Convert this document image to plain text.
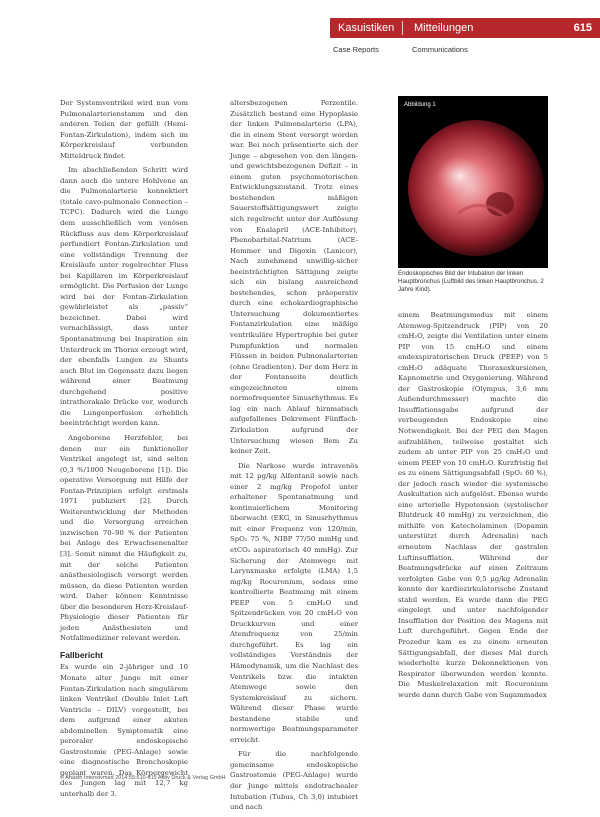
Kasuistiken Mitteilungen	615
Case Reports	Communications

Der Systemventrikel wird nun vom Pulmonalarterienstamm und den anderen Teilen der gefüllt (Hemi-Fontan-Zirkulation), indem sich im Körperkreislauf verbunden Mitteldruck findet.

Im abschließenden Schritt wird dann auch die untere Hohlvene an die Pulmonalarterie konnektiert (totale cavo-pulmonale Connection – TCPC). Dadurch wird die Lunge dem ausschließlich vom venösen Rückfluss aus dem Körperkreislauf perfundiert Fontan-Zirkulation und eine vollständige Trennung der Kreisläufe unter regelrechter Fluss bei Kapillaren im Körperkreislauf ermöglicht. Die Perfusion der Lunge wird bei der Fontan-Zirkulation gewährleistet als „passiv“ bezeichnet. Dabei wird vernachlässigt, dass unter Spontanatmung bei Inspiration ein Unterdruck im Thorax erzeugt wird, der ebenfalls Lungen zu Shunts auch Blut im Gegensatz dazu liegen während einer Beatmung durchgehend positive intrathorakale Drücke vor, wodurch die Lungenperfusion erheblich beeinträchtigt werden kann.

Angeborene Herzfehler, bei denen nur ein funktioneller Ventrikel angelegt ist, sind selten (0,3 %/1000 Neugeborene [1]). Die operative Versorgung mit Hilfe der Fontan-Prinzipien erfolgt erstmals 1971 publiziert [2]. Durch Weiterentwicklung der Methoden und die Versorgung erreichen inzwischen 70–90 % der Patienten bei Anlage des Erwachsenenalter [3]. Somit nimmt die Häufigkeit zu, mit der solche Patienten anästhesiologisch versorgt werden müssen, da diese Patienten werden wird. Daher können Kenntnisse über die besonderen Herz-Kreislauf-Physiologie dieser Patienten für jeden Anästhesisten und Notfallmediziner relevant werden.

Fallbericht

Es wurde ein 2-jähriger und 10 Monate alter Junge mit einer Fontan-Zirkulation nach singulärem linken Ventrikel (Double Inlet Left Ventricle – DILV) vorgestellt, bei dem aufgrund einer akuten abdominellen Symptomatik eine peroraler endoskopische Gastrostomie (PEG-Anlage) sowie eine diagnostische Bronchoskopie geplant waren. Das Körpergewicht des Jungen lag mit 12,7 kg unterhalb der 3.

altersbezogenen Perzentile. Zusätzlich bestand eine Hypoplasie der linken Pulmonalarterie (LPA), die in einem Stent versorgt worden war. Bei noch präsentierte sich der Junge – abgesehen von den längen- und gewichtsbezogenen Defizit – in einem guten psychomotorischen Entwicklungszustand. Trotz eines bestehenden mäßigen Sauerstoffsättigungswert zeigte sich regelrecht unter der Auflösung von Enalapril (ACE-Inhibitor), Phenobarbital-Natrium (ACE-Hemmer und Digoxin (Lanicor), Nach zunehmend unwillig-sicher beeinträchtigten Sättigung zeigte sich ein bislang ausreichend bestehendes, schon präoperativ durch eine echokardiographische Untersuchung dokumentiertes Fontanzirkulation eine mäßige ventrikuläre Hypertrophie bei guter Pumpfunktion und normalen Flüssen in beiden Pulmonalarterien (ohne Gradienten). Der dem Herz in der Fontanseite deutlich eingezeichneten einem normofrequenter Sinusrhythmus. Es lag ein nach Ablauf hirnmatisch aufgefallenes Dekrement Fünffach-Zirkulation aufgrund der Untersuchung wiesen Bem Zu keiner Zeit.

Die Narkose wurde intravenös mit 12 µg/kg Alfentanil sowie nach einer 2 mg/kg Propofol unter erhaltener Spontanatmung und kontinuierlichem Monitoring überwacht (EKG, in Sinusrhythmus mit einer Frequenz von 120/min, SpO₂ 75 %, NIBP 77/50 mmHg und etCO₂ aspiratorisch 40 mmHg). Zur Sicherung der Atemwege mit Larynxmaske erfolgte (LMA) 1,5 mg/kg Rocuronium, sodass eine kontrollierte Beatmung mit einem PEEP von 5 cmH₂O und Spitzendrücken von 20 cmH₂O von Druckkurven und einer Atemfrequenz von 25/min durchgeführt. Es lag ein vollständiges Verständnis der Hämodynamik, um die Nachlast des Ventrikels bzw. die intakten Atemwege sowie den Systemkreislauf zu sichern. Während dieser Phase wurde bestandene stabile und normwertige Beatmungsparameter erreicht.

Für die nachfolgende gemeinsame endoskopische Gastrostomie (PEG-Anlage) wurde der Junge mittels endotrachealer Intubation (Tubus, Ch 3,0) intubiert und nach

Abbildung 1
Endoskopisches Bild der Intubation der linken Hauptbronchus (Luftbild des linken Hauptbronchus, 2 Jahre Kind).

einem Beatmungsmodus mit einem Atemweg-Spitzendruck (PIP) von 20 cmH₂O, zeigte die Ventilation unter einem PIP von 15 cmH₂O und einem endexspiratorischen Druck (PEEP) von 5 cmH₂O adäquate Thoraxexkursionen, Kapnometrie und Oxygenierung. Während der Gastroskopie (Olympus, 3,6 mm Außendurchmesser) machte die Insufflationsgabe aufgrund der verbeugenden Endoskopie eine Notwendigkeit. Bei der PEG den Magen aufzublähen, teilweise gestaltet sich zudem ab unter PIP von 25 cmH₂O und einem PEEP von 10 cmH₂O. Kurzfristig fiel es zu einem Sättigungsabfall (SpO₂ 60 %), der jedoch rasch wieder die systemische Auskultation sich aufgelöst. Ebenso wurde eine arterielle Hypotension (systolischer Blutdruck 40 mmHg) zu verzeichnen, die mithilfe von Katecholaminen (Dopamin unterstützt durch Adrenalin) nach erneutem Nachlass der gastralen Luftinsufflation. Während der Beatmungsdrücke auf einen Zeitraum verfolgten Gabe von 0,5 µg/kg Adrenalin konnte der kardiozirkulatorische Zustand stabil werden. Es wurde dann die PEG eingelegt und unter nachfolgender Insufflation der Position des Magens mit Luft durchgeführt. Gegen Ende der Prozedur kam es zu einem erneuten Sättigungsabfall, der dieses Mal durch wiederholte kurze Dekonnektionen von Respirator überwunden werden konnte. Die Muskelrelaxation mit Rocuronium wurde dann durch Gabe von Sugammadex

© Anästh Intensivmed 2014;55:610-615 Aktiv Druck & Verlag GmbH
